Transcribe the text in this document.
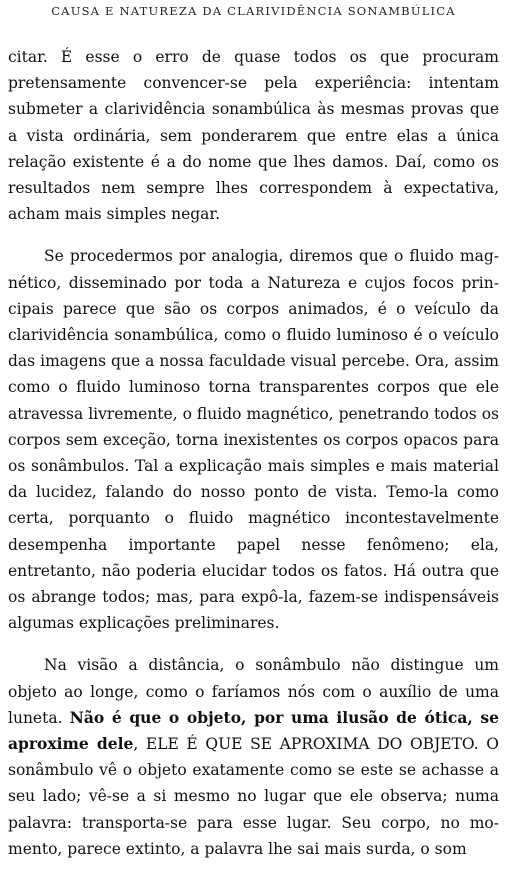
CAUSA E NATUREZA DA CLARIVIDÊNCIA SONAMBÚLICA

citar. É esse o erro de quase todos os que procuram pretensamente convencer-se pela experiência: intentam submeter a clarividência sonambúlica às mesmas provas que a vista ordinária, sem ponderarem que entre elas a única relação existente é a do nome que lhes damos. Daí, como os resultados nem sempre lhes correspondem à expectativa, acham mais simples negar.

Se procedermos por analogia, diremos que o fluido magnético, disseminado por toda a Natureza e cujos focos principais parece que são os corpos animados, é o veículo da clarividência sonambúlica, como o fluido luminoso é o veículo das imagens que a nossa faculdade visual percebe. Ora, assim como o fluido luminoso torna transparentes corpos que ele atravessa livremente, o fluido magnético, penetrando todos os corpos sem exceção, torna inexistentes os corpos opacos para os sonâmbulos. Tal a explicação mais simples e mais material da lucidez, falando do nosso ponto de vista. Temo-la como certa, porquanto o fluido magnético incontestavelmente desempenha importante papel nesse fenômeno; ela, entretanto, não poderia elucidar todos os fatos. Há outra que os abrange todos; mas, para expô-la, fazem-se indispensáveis algumas explicações preliminares.

Na visão a distância, o sonâmbulo não distingue um objeto ao longe, como o faríamos nós com o auxílio de uma luneta. Não é que o objeto, por uma ilusão de ótica, se aproxime dele, ELE É QUE SE APROXIMA DO OBJETO. O sonâmbulo vê o objeto exatamente como se este se achasse a seu lado; vê-se a si mesmo no lugar que ele observa; numa palavra: transporta-se para esse lugar. Seu corpo, no momento, parece extinto, a palavra lhe sai mais surda, o som
